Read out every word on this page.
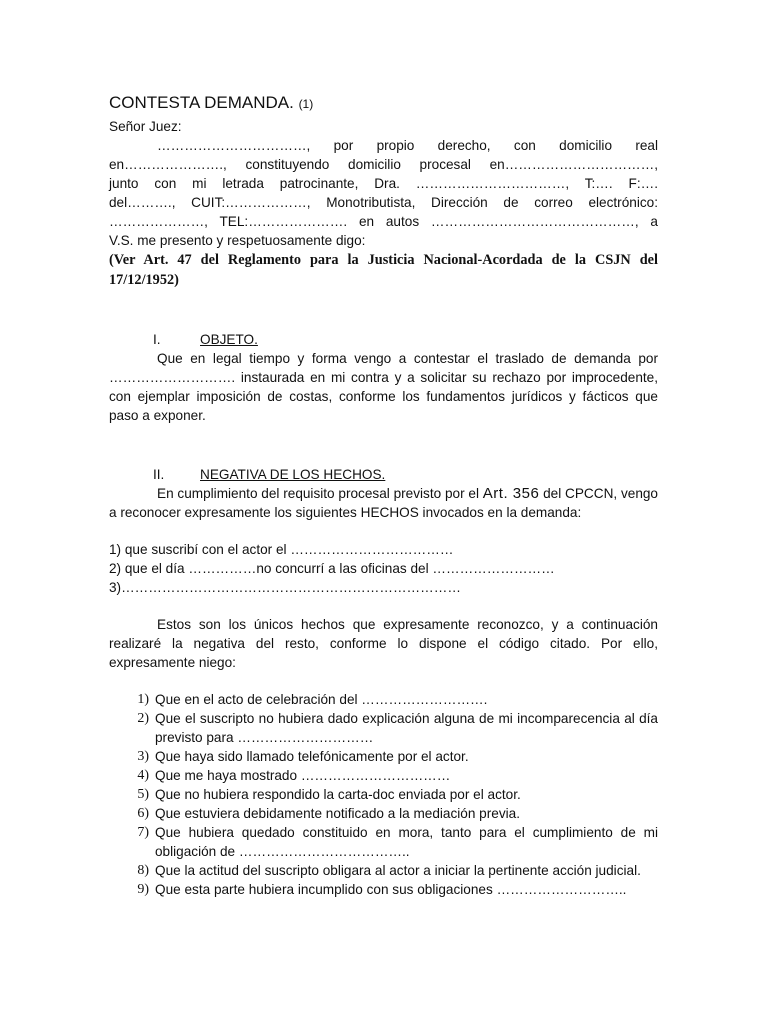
CONTESTA DEMANDA. (1)
Señor Juez:
……………………………, por propio derecho, con domicilio real
en…………………., constituyendo domicilio procesal en……………………………,
junto con mi letrada patrocinante, Dra. ……………………………, T:…. F:….
del………., CUIT:………………, Monotributista, Dirección de correo electrónico:
…………………, TEL:…………………. en autos ………………………………………, a
V.S. me presento y respetuosamente digo:
(Ver Art. 47 del Reglamento para la Justicia Nacional-Acordada de la CSJN del 17/12/1952)
I.	OBJETO.
Que en legal tiempo y forma vengo a contestar el traslado de demanda por ………………………. instaurada en mi contra y a solicitar su rechazo por improcedente, con ejemplar imposición de costas, conforme los fundamentos jurídicos y fácticos que paso a exponer.
II.	NEGATIVA DE LOS HECHOS.
En cumplimiento del requisito procesal previsto por el Art. 356 del CPCCN, vengo a reconocer expresamente los siguientes HECHOS invocados en la demanda:
1) que suscribí con el actor el ………………………………
2) que el día ……………no concurrí a las oficinas del ………………………
3)…………………………………………………………………
Estos son los únicos hechos que expresamente reconozco, y a continuación realizaré la negativa del resto, conforme lo dispone el código citado. Por ello, expresamente niego:
1) Que en el acto de celebración del ……………………….
2) Que el suscripto no hubiera dado explicación alguna de mi incomparecencia al día previsto para …………………………
3) Que haya sido llamado telefónicamente por el actor.
4) Que me haya mostrado ……………………………
5) Que no hubiera respondido la carta-doc enviada por el actor.
6) Que estuviera debidamente notificado a la mediación previa.
7) Que hubiera quedado constituido en mora, tanto para el cumplimiento de mi obligación de ………………………………..
8) Que la actitud del suscripto obligara al actor a iniciar la pertinente acción judicial.
9) Que esta parte hubiera incumplido con sus obligaciones ………………………..
